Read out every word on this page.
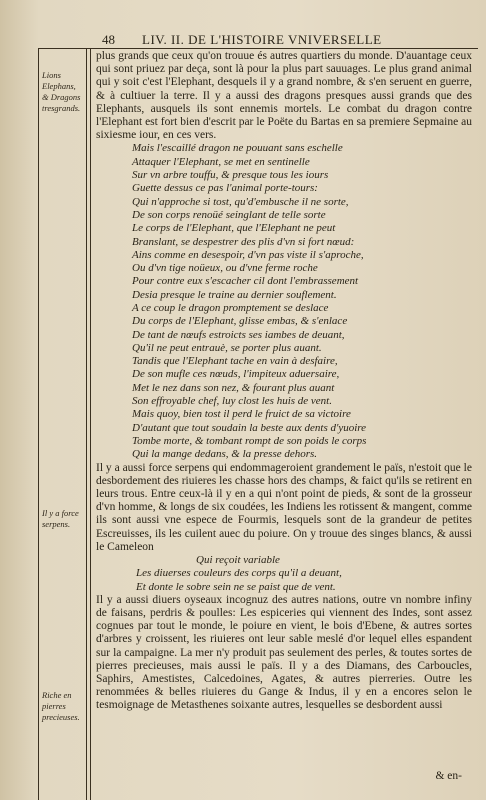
48 LIV. II. DE L'HISTOIRE VNIVERSELLE
Lions Elephans, & Dragons tresgrands.
Il y a force serpens.
Riche en pierres precieuses.

plus grands que ceux qu'on trouue és autres quartiers du monde. D'auantage ceux qui sont priuez par deça, sont là pour la plus part sauuages. Le plus grand animal qui y soit c'est l'Elephant, desquels il y a grand nombre, & s'en seruent en guerre, & à cultiuer la terre. Il y a aussi des dragons presques aussi grands que des Elephants, ausquels ils sont ennemis mortels. Le combat du dragon contre l'Elephant est fort bien d'escrit par le Poëte du Bartas en sa premiere Sepmaine au sixiesme iour, en ces vers.

Mais l'escaillé dragon ne pouuant sans eschelle
Attaquer l'Elephant, se met en sentinelle
Sur vn arbre touffu, & presque tous les iours
Guette dessus ce pas l'animal porte-tours:
Qui n'approche si tost, qu'd'embusche il ne sorte,
De son corps renoüé seinglant de telle sorte
Le corps de l'Elephant, que l'Elephant ne peut
Branslant, se despestrer des plis d'vn si fort nœud:
Ains comme en desespoir, d'vn pas viste il s'aproche,
Ou d'vn tige noüeux, ou d'vne ferme roche
Pour contre eux s'escacher cil dont l'embrassement
Desia presque le traine au dernier souflement.
A ce coup le dragon promptement se deslace
Du corps de l'Elephant, glisse embas, & s'enlace
De tant de nœufs estroicts ses iambes de deuant,
Qu'il ne peut entrauè, se porter plus auant.
Tandis que l'Elephant tache en vain à desfaire,
De son mufle ces nœuds, l'impiteux aduersaire,
Met le nez dans son nez, & fourant plus auant
Son effroyable chef, luy clost les huis de vent.
Mais quoy, bien tost il perd le fruict de sa victoire
D'autant que tout soudain la beste aux dents d'yuoire
Tombe morte, & tombant rompt de son poids le corps
Qui la mange dedans, & la presse dehors.

Il y a aussi force serpens qui endommageroient grandement le païs, n'estoit que le desbordement des riuieres les chasse hors des champs, & faict qu'ils se retirent en leurs trous. Entre ceux-là il y en a qui n'ont point de pieds, & sont de la grosseur d'vn homme, & longs de six coudées, les Indiens les rotissent & mangent, comme ils sont aussi vne espece de Fourmis, lesquels sont de la grandeur de petites Escreuisses, ils les cuilent auec du poiure. On y trouue des singes blancs, & aussi le Cameleon

Qui reçoit variable
Les diuerses couleurs des corps qu'il a deuant,
Et donte le sobre sein ne se paist que de vent.

Il y a aussi diuers oyseaux incognuz des autres nations, outre vn nombre infiny de faisans, perdris & poulles: Les espiceries qui viennent des Indes, sont assez cognues par tout le monde, le poiure en vient, le bois d'Ebene, & autres sortes d'arbres y croissent, les riuieres ont leur sable meslé d'or lequel elles espandent sur la campaigne. La mer n'y produit pas seulement des perles, & toutes sortes de pierres precieuses, mais aussi le païs. Il y a des Diamans, des Carboucles, Saphirs, Amestistes, Calcedoines, Agates, & autres pierreries. Outre les renommées & belles riuieres du Gange & Indus, il y en a encores selon le tesmoignage de Metasthenes soixante autres, lesquelles se desbordent aussi

& en-
